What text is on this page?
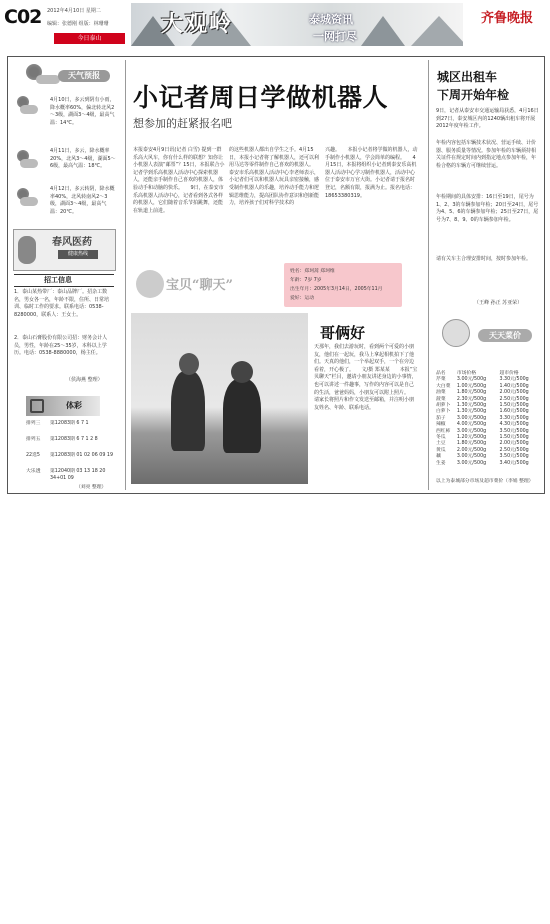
C02 2012年4月10日 星期二
编辑：张德刚 组版：林珊珊
今日泰山
大观岭	泰城资讯
一网打尽
齐鲁晚报
天气预报
4月10日，多云到阴有小雨，降水概率60%，偏北转北风2～3级，湖面3～4级，最高气温：14℃。
4月11日，多云，降水概率20%，北风3～4级，湖面5～6级，最高气温：18℃。
4月12日，多云转阴，降水概率40%，北风转南风2～3级，湖面3～4级，最高气温：20℃。
春风医药
健康热线
招工信息
1．泰山某热带厂：泰山品牌厂。招杂工数名，男女各一名，年龄不限，住所、日常培训、临时工作的要求。联系电话：0538-8280000，联系人：王女士。
2．泰山石膏股份有限公司招：财务会计人员，男性，年龄在25～35岁，本科以上学历。电话：0538-8880000，杨主任。
（侯海燕 整理）
体彩
排列三	第12083期 6 7 1
排列五	第12083期 6 7 1 2 8
22选5	第12083期 01 02 06 09 19
大乐透	第12040期 03 13 18 20 34+01 09
（刘亮 整理）
小记者周日学做机器人
想参加的赶紧报名吧
本报泰安4月9日讯(记者 白雪) 提到一群乐高大风车，你有什么样的联想？知你让小机器人表演“邮票”？15日，本报联合小记者学到乐高机器人活动中心探索机器人，还能亲手制作自己喜欢的机器人，体验动手和动脑的快乐。　　9日，在泰安市乐高机器人活动中心，记者看到各式各样的机器人，它们随着音乐节拍跳舞，还能在轨道上前进。
的这些机器人都出自学生之手。4月15日，本报小记者将了解机器人，还可以利用马达等零件制作自己喜欢的机器人。　　泰安市乐高机器人活动中心李老师表示，小记者们可以和机器人玩具亲密接触，感受制作机器人的乐趣，培养动手能力和逻辑思维能力，提高团队协作意识和创新能力，培养孩子们对科学技术的
兴趣。　　本报小记者将学做的机器人，动手制作小机器人，学会简单的编程。　　4月15日，本报将组织小记者到泰安乐高机器人活动中心学习制作机器人，活动中心位于泰安市万官大街。小记者请于报名时登记，名额有限，报满为止。报名电话：18653380319。
宝贝“聊天”
姓名：郑珂蒿 郑珂维
年龄：7岁 7岁
出生年月：2005年3月14日，2005年11月
爱好：运动
哥俩好
天那年，我们去游玩时，看到两个可爱的小朋友，他们在一起玩，我马上拿起相机拍下了他们。天真的他们，一个举起双手，一个在旁边看着，开心极了。　　文/摄 郑某某　　本报“宝贝聊天”栏目，邀请小朋友讲述身边的小事情，也可以讲述一件趣事，写作的内容可以是自己的生活，爸爸妈妈，小朋友可以附上照片。　　请家长将照片和作文发送至邮箱，并注明小朋友姓名、年龄、联系电话。
城区出租车
下周开始年检
9日，记者从泰安市交通运输局获悉，4月16日到27日，泰安城区内的1240辆出租车将开展2012年度年检工作。
年检内容包括车辆技术状况、营运手续、计价器、服务质量等情况。参加年检的车辆须持相关证件在规定时间内到指定地点参加年检，年检合格的车辆方可继续营运。
年检期间的具体安排：16日至19日，尾号为1、2、3的车辆参加年检；20日至24日，尾号为4、5、6的车辆参加年检；25日至27日，尾号为7、8、9、0的车辆参加年检。
请有关车主合理安排时间，按时参加年检。
（王峰 孙正 苏亚荣）
天天菜价
品名	市场价格	超市价格
芹菜	3.00元/500g	3.30元/500g
大白菜	1.00元/500g	1.40元/500g
油菜	1.80元/500g	2.00元/500g
菠菜	2.30元/500g	2.50元/500g
胡萝卜	1.30元/500g	1.50元/500g
白萝卜	1.30元/500g	1.60元/500g
茄子	3.00元/500g	3.30元/500g
辣椒	4.00元/500g	4.30元/500g
西红柿	3.00元/500g	3.50元/500g
冬瓜	1.20元/500g	1.50元/500g
土豆	1.80元/500g	2.00元/500g
黄瓜	2.00元/500g	2.50元/500g
藕	3.00元/500g	3.50元/500g
生姜	3.00元/500g	3.40元/500g
以上为泰城部分市场及超市菜价（李娟 整理）
